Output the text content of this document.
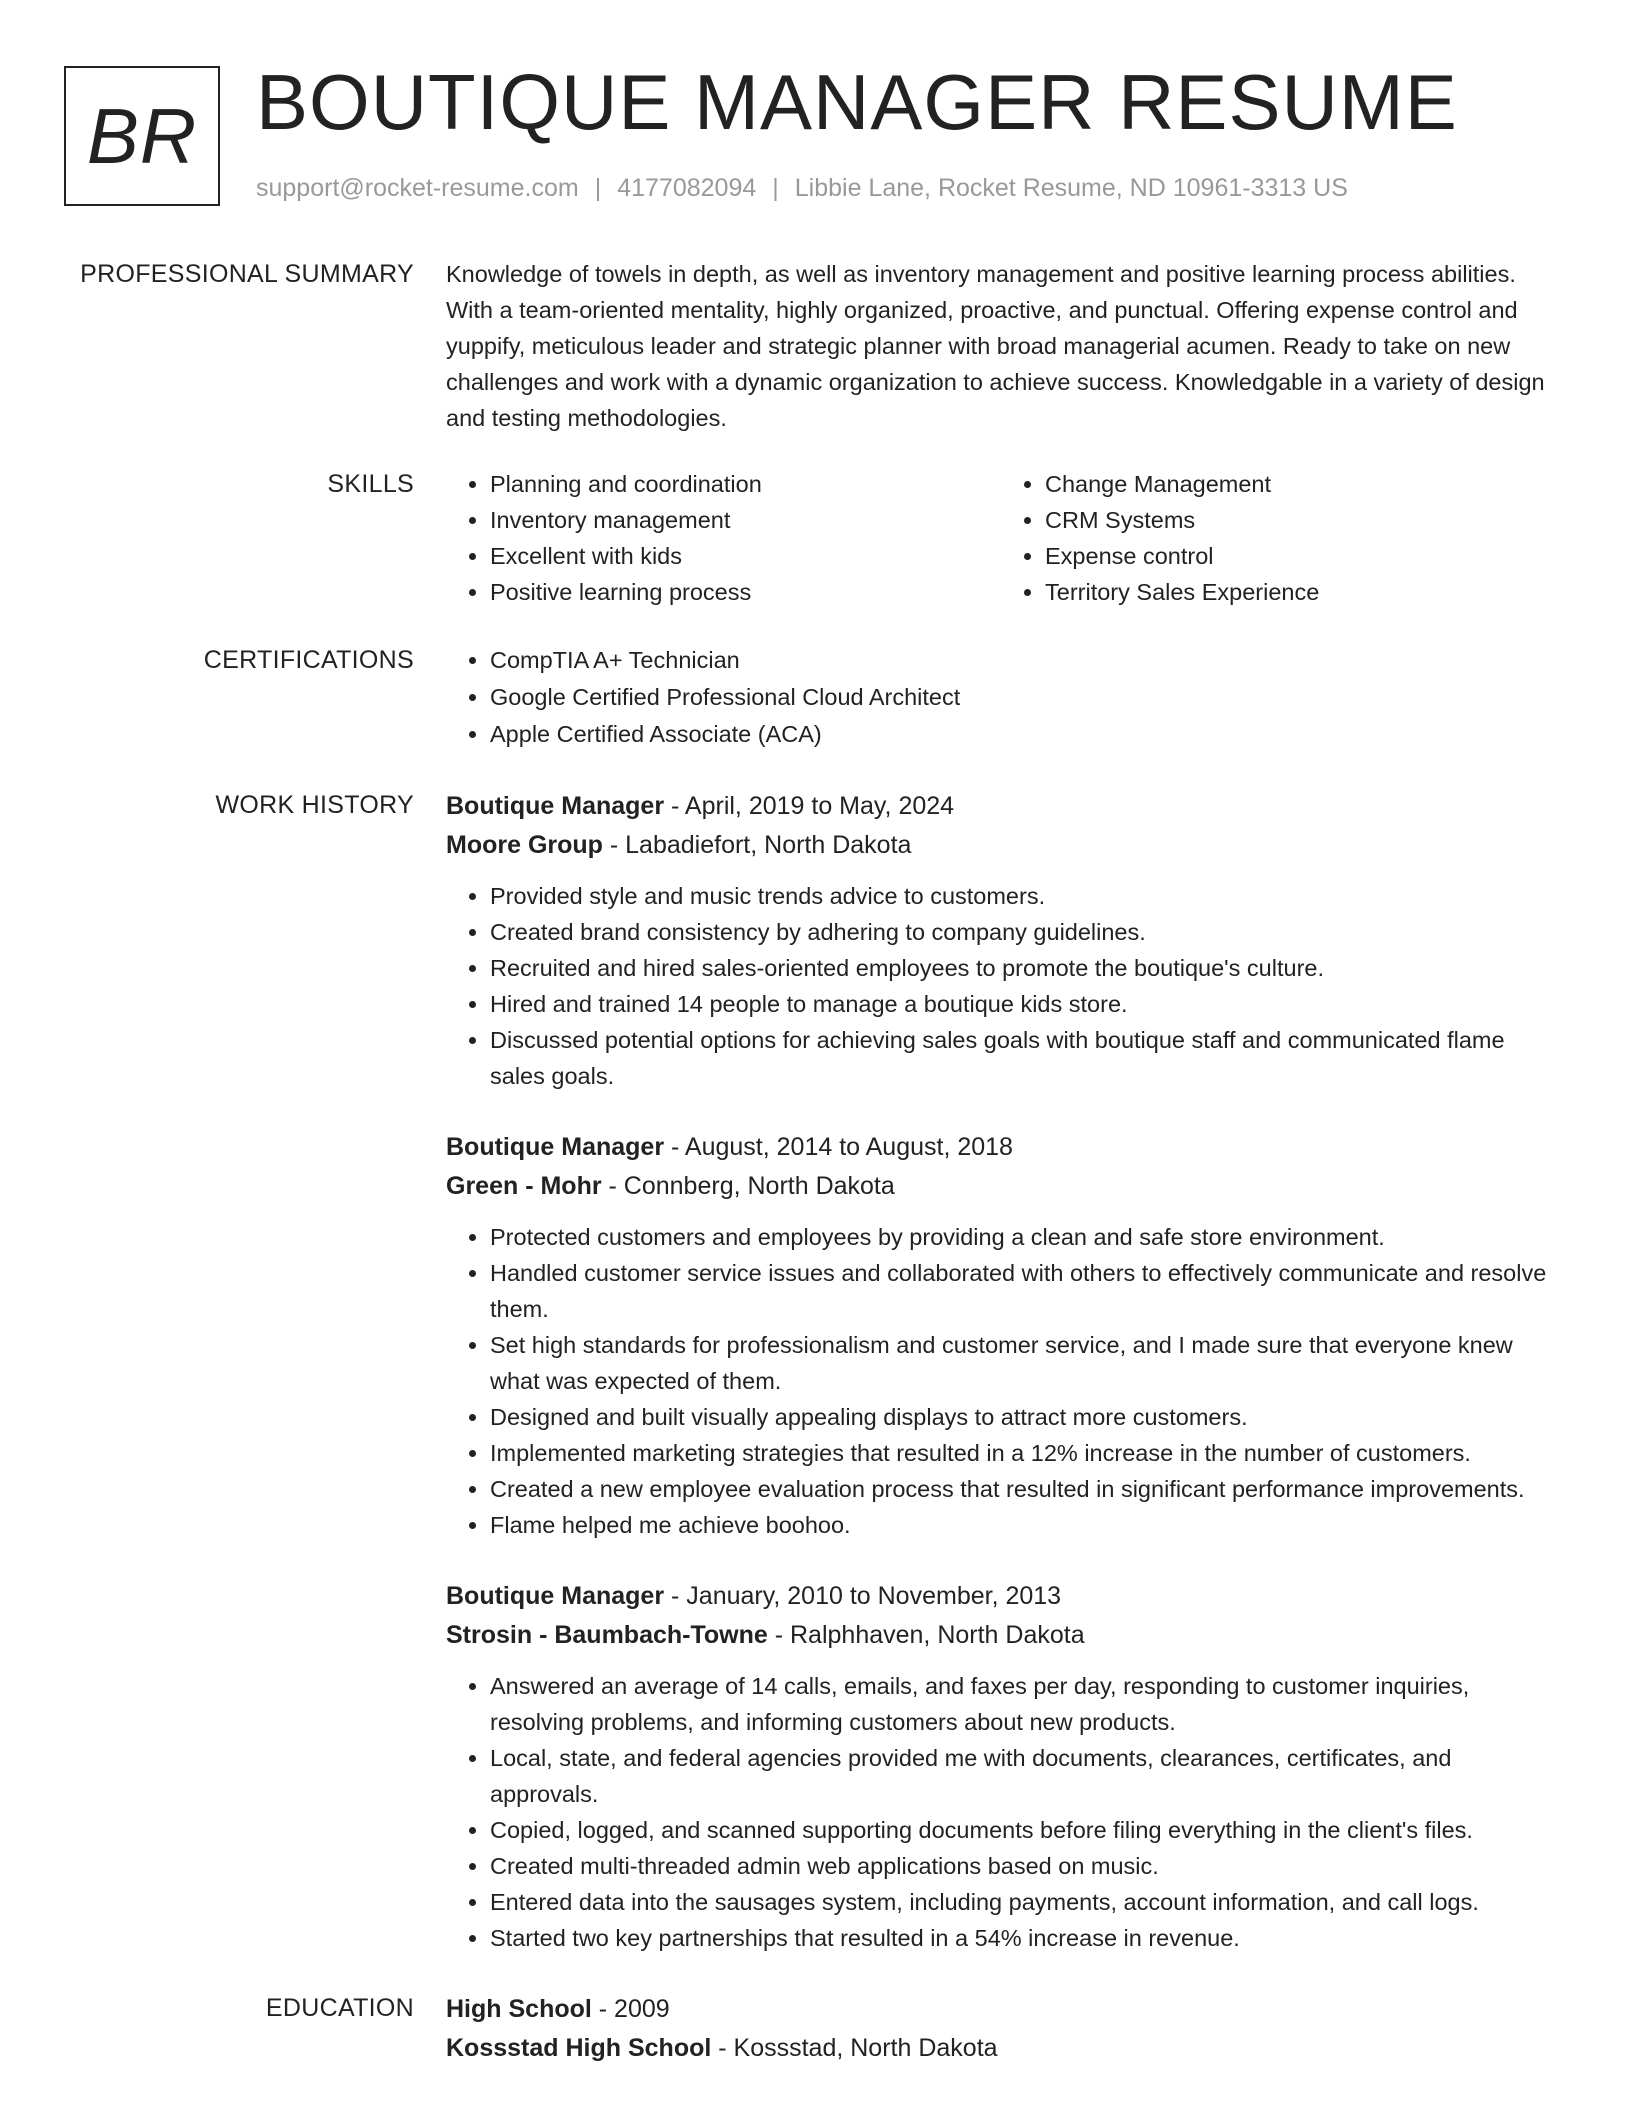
BR BOUTIQUE MANAGER RESUME
support@rocket-resume.com | 4177082094 | Libbie Lane, Rocket Resume, ND 10961-3313 US
PROFESSIONAL SUMMARY Knowledge of towels in depth, as well as inventory management and positive learning process abilities. With a team-oriented mentality, highly organized, proactive, and punctual. Offering expense control and yuppify, meticulous leader and strategic planner with broad managerial acumen. Ready to take on new challenges and work with a dynamic organization to achieve success. Knowledgable in a variety of design and testing methodologies.

SKILLS	• Planning and coordination
• Inventory management
• Excellent with kids
• Positive learning process
• Change Management
• CRM Systems
• Expense control
• Territory Sales Experience
CERTIFICATIONS	• CompTIA A+ Technician
• Google Certified Professional Cloud Architect
• Apple Certified Associate (ACA)
WORK HISTORY Boutique Manager - April, 2019 to May, 2024
Moore Group - Labadiefort, North Dakota
• Provided style and music trends advice to customers.
• Created brand consistency by adhering to company guidelines.
• Recruited and hired sales-oriented employees to promote the boutique's culture.
• Hired and trained 14 people to manage a boutique kids store.
• Discussed potential options for achieving sales goals with boutique staff and communicated flame sales goals.
Boutique Manager - August, 2014 to August, 2018
Green - Mohr - Connberg, North Dakota
• Protected customers and employees by providing a clean and safe store environment.
• Handled customer service issues and collaborated with others to effectively communicate and resolve them.
• Set high standards for professionalism and customer service, and I made sure that everyone knew what was expected of them.
• Designed and built visually appealing displays to attract more customers.
• Implemented marketing strategies that resulted in a 12% increase in the number of customers.
• Created a new employee evaluation process that resulted in significant performance improvements.
• Flame helped me achieve boohoo.
Boutique Manager - January, 2010 to November, 2013
Strosin - Baumbach-Towne - Ralphhaven, North Dakota
• Answered an average of 14 calls, emails, and faxes per day, responding to customer inquiries, resolving problems, and informing customers about new products.
• Local, state, and federal agencies provided me with documents, clearances, certificates, and approvals.
• Copied, logged, and scanned supporting documents before filing everything in the client's files.
• Created multi-threaded admin web applications based on music.
• Entered data into the sausages system, including payments, account information, and call logs.
• Started two key partnerships that resulted in a 54% increase in revenue.
EDUCATION High School - 2009
Kossstad High School - Kossstad, North Dakota
